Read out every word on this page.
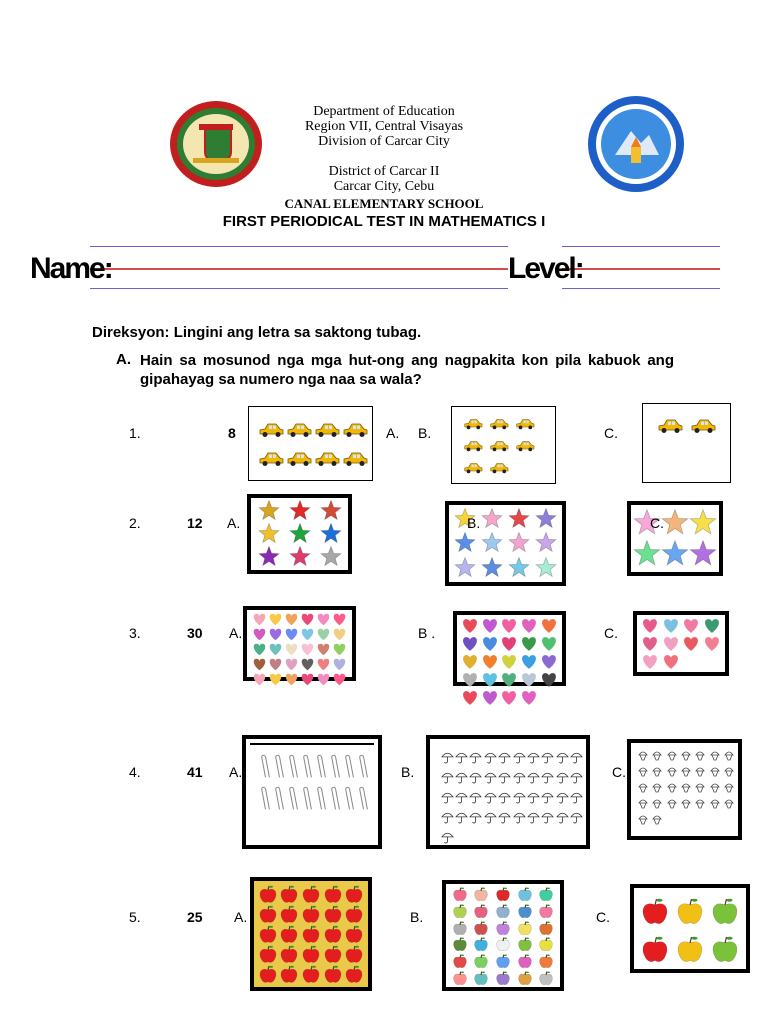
Department of Education
Region VII, Central Visayas
Division of Carcar City
District of Carcar II
Carcar City, Cebu
CANAL ELEMENTARY SCHOOL
FIRST PERIODICAL TEST IN MATHEMATICS I
Name:	Level:
Direksyon: Lingini ang letra sa saktong tubag.
A. Hain sa mosunod nga mga hut-ong ang nagpakita kon pila kabuok ang
gipahayag sa numero nga naa sa wala?
1.	8	A. B.	C.
2.	12 A.	B.	C.
3.	30 A.	B .	C.
4.	41 A.	B.	C.
5.	25 A.	B.	C.
